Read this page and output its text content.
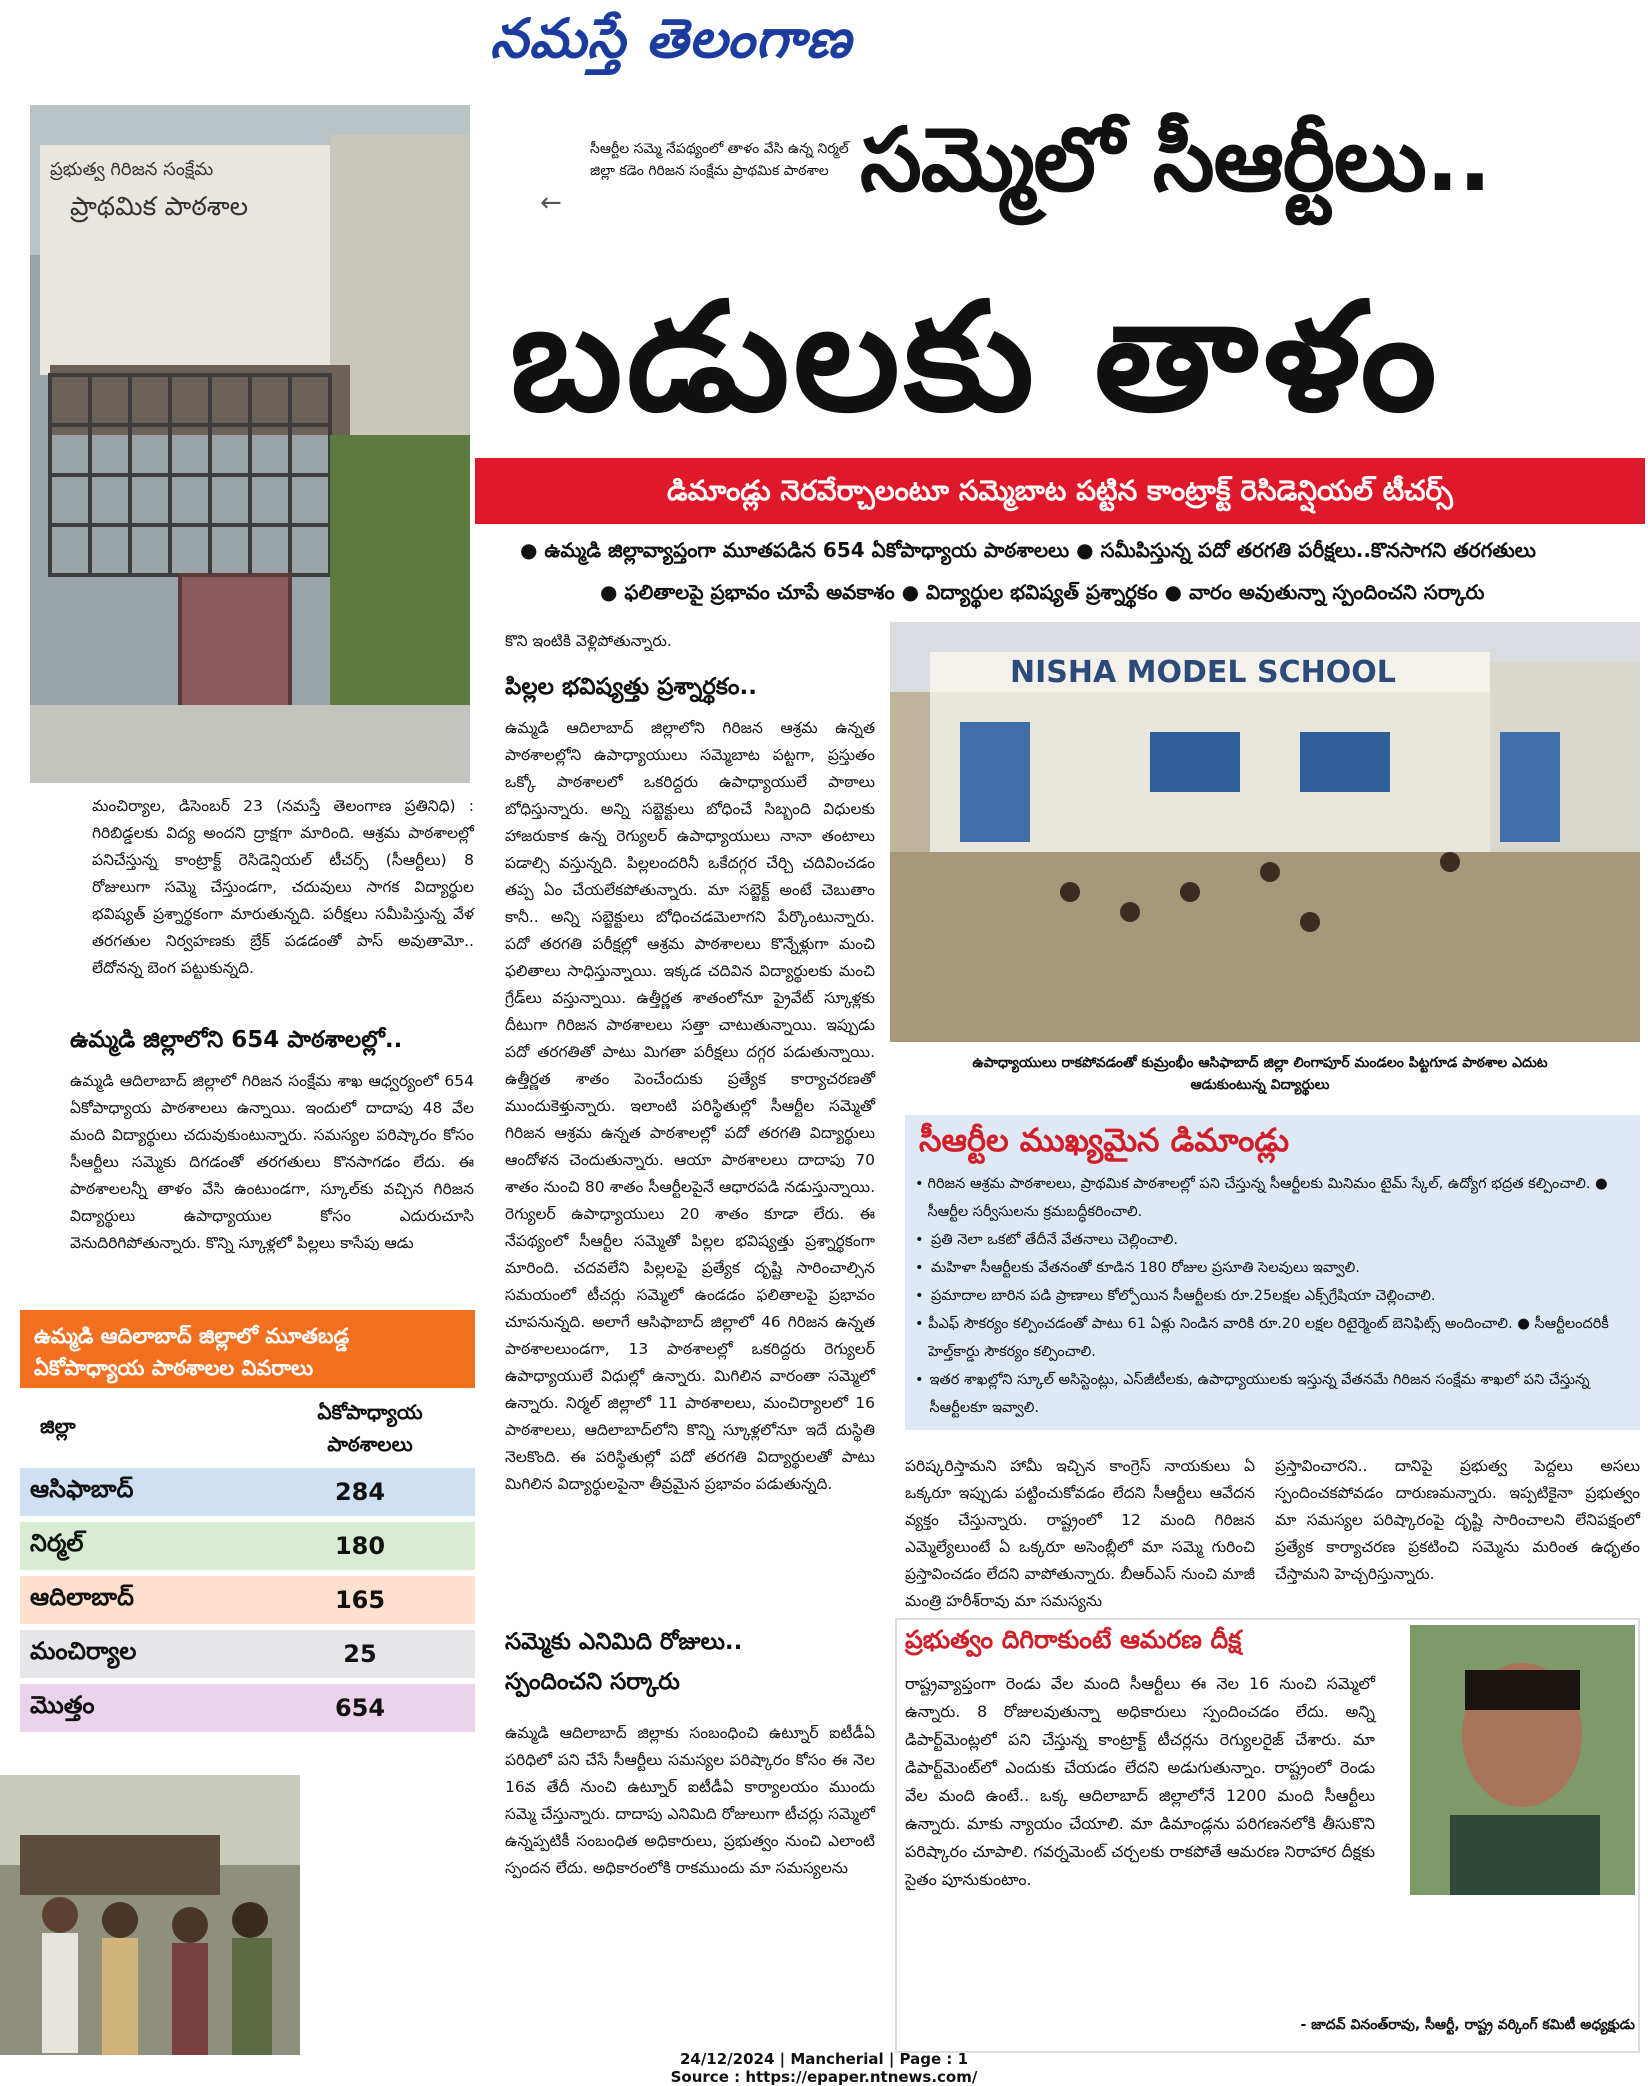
నమస్తే తెలంగాణ
ప్రభుత్వ గిరిజన సంక్షేమ
ప్రాథమిక పాఠశాల	←
సీఆర్టీల సమ్మె నేపథ్యంలో తాళం వేసి ఉన్న నిర్మల్ జిల్లా కడెం గిరిజన సంక్షేమ ప్రాథమిక పాఠశాల సమ్మెలో సీఆర్టీలు..
బడులకు తాళం
డిమాండ్లు నెరవేర్చాలంటూ సమ్మెబాట పట్టిన కాంట్రాక్ట్ రెసిడెన్షియల్ టీచర్స్
● ఉమ్మడి జిల్లావ్యాప్తంగా మూతపడిన 654 ఏకోపాధ్యాయ పాఠశాలలు ● సమీపిస్తున్న పదో తరగతి పరీక్షలు..కొనసాగని తరగతులు
● ఫలితాలపై ప్రభావం చూపే అవకాశం ● విద్యార్థుల భవిష్యత్ ప్రశ్నార్థకం ● వారం అవుతున్నా స్పందించని సర్కారు
మంచిర్యాల, డిసెంబర్ 23 (నమస్తే తెలంగాణ ప్రతినిధి) : గిరిబిడ్డలకు విద్య అందని ద్రాక్షగా మారింది. ఆశ్రమ పాఠశాలల్లో పనిచేస్తున్న కాంట్రాక్ట్ రెసిడెన్షియల్ టీచర్స్ (సీఆర్టీలు) 8 రోజులుగా సమ్మె చేస్తుండగా, చదువులు సాగక విద్యార్థుల భవిష్యత్ ప్రశ్నార్థకంగా మారుతున్నది. పరీక్షలు సమీపిస్తున్న వేళ తరగతుల నిర్వహణకు బ్రేక్ పడడంతో పాస్ అవుతామో.. లేదోనన్న బెంగ పట్టుకున్నది.
ఉమ్మడి జిల్లాలోని 654 పాఠశాలల్లో..
ఉమ్మడి ఆదిలాబాద్ జిల్లాలో గిరిజన సంక్షేమ శాఖ ఆధ్వర్యంలో 654 ఏకోపాధ్యాయ పాఠశాలలు ఉన్నాయి. ఇందులో దాదాపు 48 వేల మంది విద్యార్థులు చదువుకుంటున్నారు. సమస్యల పరిష్కారం కోసం సీఆర్టీలు సమ్మెకు దిగడంతో తరగతులు కొనసాగడం లేదు. ఈ పాఠశాలలన్నీ తాళం వేసి ఉంటుండగా, స్కూల్‌కు వచ్చిన గిరిజన విద్యార్థులు ఉపాధ్యాయుల కోసం ఎదురుచూసి వెనుదిరిగిపోతున్నారు. కొన్ని స్కూళ్లలో పిల్లలు కాసేపు ఆడు
ఉమ్మడి ఆదిలాబాద్ జిల్లాలో మూతబడ్డ ఏకోపాధ్యాయ పాఠశాలల వివరాలు
జిల్లా
ఏకోపాధ్యాయ పాఠశాలలు
ఆసిఫాబాద్	284
నిర్మల్	180
ఆదిలాబాద్	165
మంచిర్యాల	25
మొత్తం	654
కొని ఇంటికి వెళ్లిపోతున్నారు.
పిల్లల భవిష్యత్తు ప్రశ్నార్థకం..
ఉమ్మడి ఆదిలాబాద్ జిల్లాలోని గిరిజన ఆశ్రమ ఉన్నత పాఠశాలల్లోని ఉపాధ్యాయులు సమ్మెబాట పట్టగా, ప్రస్తుతం ఒక్కో పాఠశాలలో ఒకరిద్దరు ఉపాధ్యాయులే పాఠాలు బోధిస్తున్నారు. అన్ని సబ్జెక్టులు బోధించే సిబ్బంది విధులకు హాజరుకాక ఉన్న రెగ్యులర్ ఉపాధ్యాయులు నానా తంటాలు పడాల్సి వస్తున్నది. పిల్లలందరినీ ఒకేదగ్గర చేర్చి చదివించడం తప్ప ఏం చేయలేకపోతున్నారు. మా సబ్జెక్ట్ అంటే చెబుతాం కానీ.. అన్ని సబ్జెక్టులు బోధించడమెలాగని పేర్కొంటున్నారు. పదో తరగతి పరీక్షల్లో ఆశ్రమ పాఠశాలలు కొన్నేళ్లుగా మంచి ఫలితాలు సాధిస్తున్నాయి. ఇక్కడ చదివిన విద్యార్థులకు మంచి గ్రేడ్‌లు వస్తున్నాయి. ఉత్తీర్ణత శాతంలోనూ ప్రైవేట్ స్కూళ్లకు దీటుగా గిరిజన పాఠశాలలు సత్తా చాటుతున్నాయి. ఇప్పుడు పదో తరగతితో పాటు మిగతా పరీక్షలు దగ్గర పడుతున్నాయి. ఉత్తీర్ణత శాతం పెంచేందుకు ప్రత్యేక కార్యాచరణతో ముందుకెళ్తున్నారు. ఇలాంటి పరిస్థితుల్లో సీఆర్టీల సమ్మెతో గిరిజన ఆశ్రమ ఉన్నత పాఠశాలల్లో పదో తరగతి విద్యార్థులు ఆందోళన చెందుతున్నారు. ఆయా పాఠశాలలు దాదాపు 70 శాతం నుంచి 80 శాతం సీఆర్టీలపైనే ఆధారపడి నడుస్తున్నాయి. రెగ్యులర్ ఉపాధ్యాయులు 20 శాతం కూడా లేరు. ఈ నేపథ్యంలో సీఆర్టీల సమ్మెతో పిల్లల భవిష్యత్తు ప్రశ్నార్థకంగా మారింది. చదవలేని పిల్లలపై ప్రత్యేక దృష్టి సారించాల్సిన సమయంలో టీచర్లు సమ్మెలో ఉండడం ఫలితాలపై ప్రభావం చూపనున్నది. అలాగే ఆసిఫాబాద్ జిల్లాలో 46 గిరిజన ఉన్నత పాఠశాలలుండగా, 13 పాఠశాలల్లో ఒకరిద్దరు రెగ్యులర్ ఉపాధ్యాయులే విధుల్లో ఉన్నారు. మిగిలిన వారంతా సమ్మెలో ఉన్నారు. నిర్మల్ జిల్లాలో 11 పాఠశాలలు, మంచిర్యాలలో 16 పాఠశాలలు, ఆదిలాబాద్‌లోని కొన్ని స్కూళ్లలోనూ ఇదే దుస్థితి నెలకొంది. ఈ పరిస్థితుల్లో పదో తరగతి విద్యార్థులతో పాటు మిగిలిన విద్యార్థులపైనా తీవ్రమైన ప్రభావం పడుతున్నది.
సమ్మెకు ఎనిమిది రోజులు..
స్పందించని సర్కారు
ఉమ్మడి ఆదిలాబాద్ జిల్లాకు సంబంధించి ఉట్నూర్ ఐటీడీఏ పరిధిలో పని చేసే సీఆర్టీలు సమస్యల పరిష్కారం కోసం ఈ నెల 16వ తేదీ నుంచి ఉట్నూర్ ఐటీడీఏ కార్యాలయం ముందు సమ్మె చేస్తున్నారు. దాదాపు ఎనిమిది రోజులుగా టీచర్లు సమ్మెలో ఉన్నప్పటికీ సంబంధిత అధికారులు, ప్రభుత్వం నుంచి ఎలాంటి స్పందన లేదు. అధికారంలోకి రాకముందు మా సమస్యలను
NISHA MODEL SCHOOL
ఉపాధ్యాయులు రాకపోవడంతో కుమ్రంభీం ఆసిఫాబాద్ జిల్లా లింగాపూర్ మండలం పిట్టగూడ పాఠశాల ఎదుట ఆడుకుంటున్న విద్యార్థులు
సీఆర్టీల ముఖ్యమైన డిమాండ్లు
• గిరిజన ఆశ్రమ పాఠశాలలు, ప్రాథమిక పాఠశాలల్లో పని చేస్తున్న సీఆర్టీలకు మినిమం టైమ్ స్కేల్, ఉద్యోగ భద్రత కల్పించాలి. ● సీఆర్టీల సర్వీసులను క్రమబద్ధీకరించాలి.
• ప్రతి నెలా ఒకటో తేదీనే వేతనాలు చెల్లించాలి.
• మహిళా సీఆర్టీలకు వేతనంతో కూడిన 180 రోజుల ప్రసూతి సెలవులు ఇవ్వాలి.
• ప్రమాదాల బారిన పడి ప్రాణాలు కోల్పోయిన సీఆర్టీలకు రూ.25లక్షల ఎక్స్‌గ్రేషియా చెల్లించాలి.
• పీఎఫ్ సౌకర్యం కల్పించడంతో పాటు 61 ఏళ్లు నిండిన వారికి రూ.20 లక్షల రిటైర్మెంట్ బెనిఫిట్స్ అందించాలి. ● సీఆర్టీలందరికీ హెల్త్‌కార్డు సౌకర్యం కల్పించాలి.
• ఇతర శాఖల్లోని స్కూల్ అసిస్టెంట్లు, ఎస్‌జీటీలకు, ఉపాధ్యాయులకు ఇస్తున్న వేతనమే గిరిజన సంక్షేమ శాఖలో పని చేస్తున్న సీఆర్టీలకూ ఇవ్వాలి.
పరిష్కరిస్తామని హామీ ఇచ్చిన కాంగ్రెస్ నాయకులు ఏ ఒక్కరూ ఇప్పుడు పట్టించుకోవడం లేదని సీఆర్టీలు ఆవేదన వ్యక్తం చేస్తున్నారు. రాష్ట్రంలో 12 మంది గిరిజన ఎమ్మెల్యేలుంటే ఏ ఒక్కరూ అసెంబ్లీలో మా సమ్మె గురించి ప్రస్తావించడం లేదని వాపోతున్నారు. బీఆర్ఎస్ నుంచి మాజీ మంత్రి హరీశ్‌రావు మా సమస్యను
ప్రస్తావించారని.. దానిపై ప్రభుత్వ పెద్దలు అసలు స్పందించకపోవడం దారుణమన్నారు. ఇప్పటికైనా ప్రభుత్వం మా సమస్యల పరిష్కారంపై దృష్టి సారించాలని లేనిపక్షంలో ప్రత్యేక కార్యాచరణ ప్రకటించి సమ్మెను మరింత ఉధృతం చేస్తామని హెచ్చరిస్తున్నారు.
ప్రభుత్వం దిగిరాకుంటే ఆమరణ దీక్ష
రాష్ట్రవ్యాప్తంగా రెండు వేల మంది సీఆర్టీలు ఈ నెల 16 నుంచి సమ్మెలో ఉన్నారు. 8 రోజులవుతున్నా అధికారులు స్పందించడం లేదు. అన్ని డిపార్ట్‌మెంట్లలో పని చేస్తున్న కాంట్రాక్ట్ టీచర్లను రెగ్యులరైజ్ చేశారు. మా డిపార్ట్‌మెంట్‌లో ఎందుకు చేయడం లేదని అడుగుతున్నాం. రాష్ట్రంలో రెండు వేల మంది ఉంటే.. ఒక్క ఆదిలాబాద్ జిల్లాలోనే 1200 మంది సీఆర్టీలు ఉన్నారు. మాకు న్యాయం చేయాలి. మా డిమాండ్లను పరిగణనలోకి తీసుకొని పరిష్కారం చూపాలి. గవర్నమెంట్ చర్చలకు రాకపోతే ఆమరణ నిరాహార దీక్షకు సైతం పూనుకుంటాం.
- జాదవ్ వినంత్‌రావు, సీఆర్టీ, రాష్ట్ర వర్కింగ్ కమిటీ అధ్యక్షుడు
24/12/2024 | Mancherial | Page : 1
Source : https://epaper.ntnews.com/
